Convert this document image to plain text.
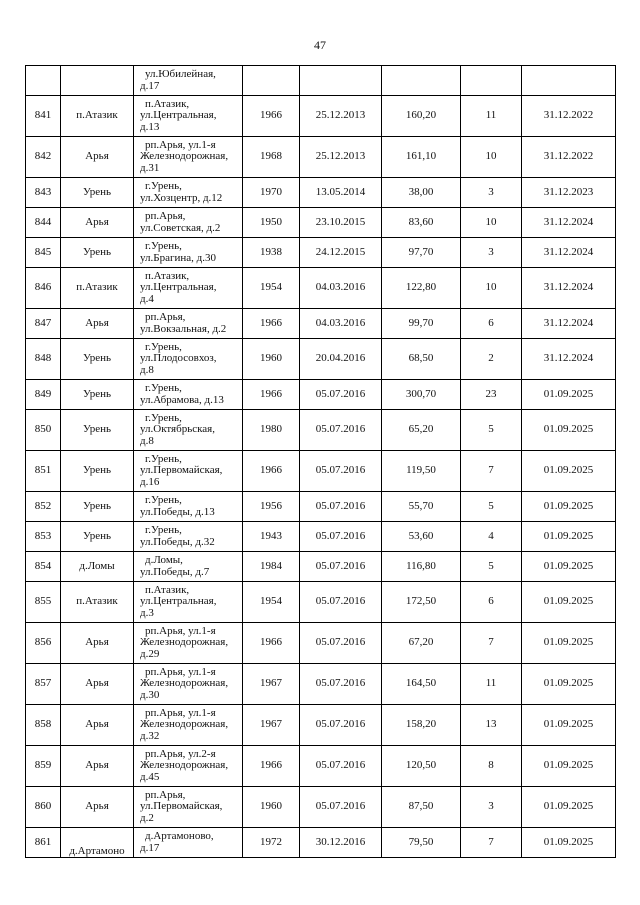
47

		ул.Юбилейная,
д.17					

841	п.Атазик	п.Атазик,
ул.Центральная,
д.13	1966	25.12.2013	160,20	11	31.12.2022
842	Арья	рп.Арья, ул.1-я
Железнодорожная,
д.31	1968	25.12.2013	161,10	10	31.12.2022
843	Урень	г.Урень,
ул.Хозцентр, д.12	1970	13.05.2014	38,00	3	31.12.2023
844	Арья	рп.Арья,
ул.Советская, д.2	1950	23.10.2015	83,60	10	31.12.2024
845	Урень	г.Урень,
ул.Брагина, д.30	1938	24.12.2015	97,70	3	31.12.2024
846	п.Атазик	п.Атазик,
ул.Центральная,
д.4	1954	04.03.2016	122,80	10	31.12.2024
847	Арья	рп.Арья,
ул.Вокзальная, д.2	1966	04.03.2016	99,70	6	31.12.2024
848	Урень	г.Урень,
ул.Плодосовхоз,
д.8	1960	20.04.2016	68,50	2	31.12.2024
849	Урень	г.Урень,
ул.Абрамова, д.13	1966	05.07.2016	300,70	23	01.09.2025
850	Урень	г.Урень,
ул.Октябрьская,
д.8	1980	05.07.2016	65,20	5	01.09.2025
851	Урень	г.Урень,
ул.Первомайская,
д.16	1966	05.07.2016	119,50	7	01.09.2025
852	Урень	г.Урень,
ул.Победы, д.13	1956	05.07.2016	55,70	5	01.09.2025
853	Урень	г.Урень,
ул.Победы, д.32	1943	05.07.2016	53,60	4	01.09.2025
854	д.Ломы	д.Ломы,
ул.Победы, д.7	1984	05.07.2016	116,80	5	01.09.2025
855	п.Атазик	п.Атазик,
ул.Центральная,
д.3	1954	05.07.2016	172,50	6	01.09.2025
856	Арья	рп.Арья, ул.1-я
Железнодорожная,
д.29	1966	05.07.2016	67,20	7	01.09.2025
857	Арья	рп.Арья, ул.1-я
Железнодорожная,
д.30	1967	05.07.2016	164,50	11	01.09.2025
858	Арья	рп.Арья, ул.1-я
Железнодорожная,
д.32	1967	05.07.2016	158,20	13	01.09.2025
859	Арья	рп.Арья, ул.2-я
Железнодорожная,
д.45	1966	05.07.2016	120,50	8	01.09.2025
860	Арья	рп.Арья,
ул.Первомайская,
д.2	1960	05.07.2016	87,50	3	01.09.2025
861	д.Артамоно	д.Артамоново,
д.17	1972	30.12.2016	79,50	7	01.09.2025
